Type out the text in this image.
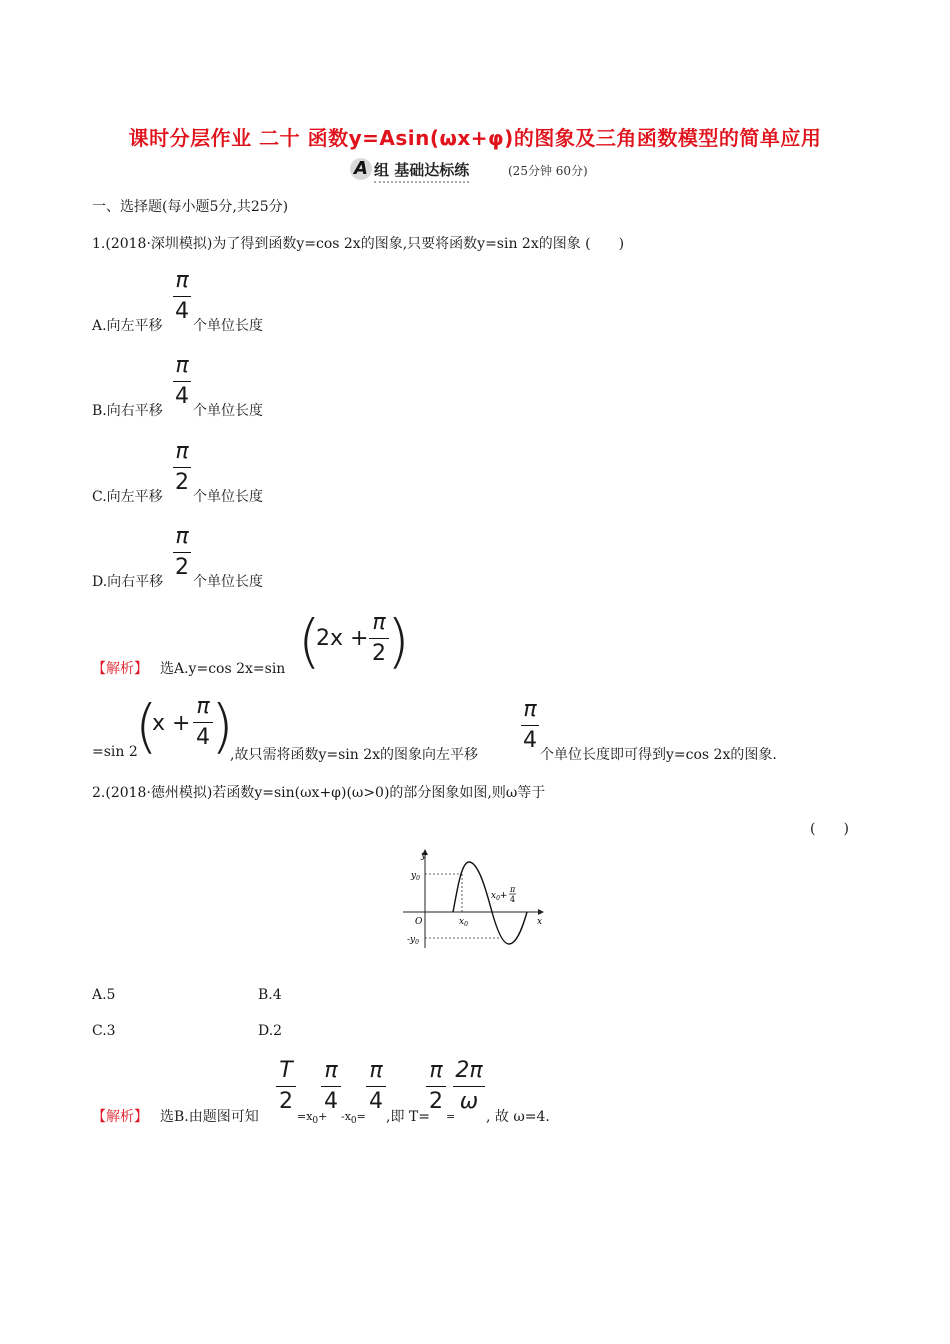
课时分层作业 二十 函数y=Asin(ωx+φ)的图象及三角函数模型的简单应用
A 组 基础达标练	(25分钟 60分)
一、选择题(每小题5分,共25分)
1.(2018·深圳模拟)为了得到函数y=cos 2x的图象,只要将函数y=sin 2x的图象 (　　)
A.向左平移
π
4
个单位长度
B.向右平移
π
4
个单位长度
C.向左平移
π
2
个单位长度
D.向右平移
π
2
个单位长度
【解析】 选A.y=cos 2x=sin (
2x +
π
2 )
=sin 2
(
x +
π
4 )
,故只需将函数y=sin 2x的图象向左平移
π
4
个单位长度即可得到y=cos 2x的图象.
2.(2018·德州模拟)若函数y=sin(ωx+φ)(ω>0)的部分图象如图,则ω等于
(　　)
y
x
O
$y_0$
$-y_0$
$x_0$
$x_0+$
π
4
A.5	B.4
C.3	D.2
【解析】 选B.由题图可知
T
2
$=x_0+$
π
4
$-x_0=$
π
4
,即 T=
π
2
=
2π
ω
, 故 ω=4.
